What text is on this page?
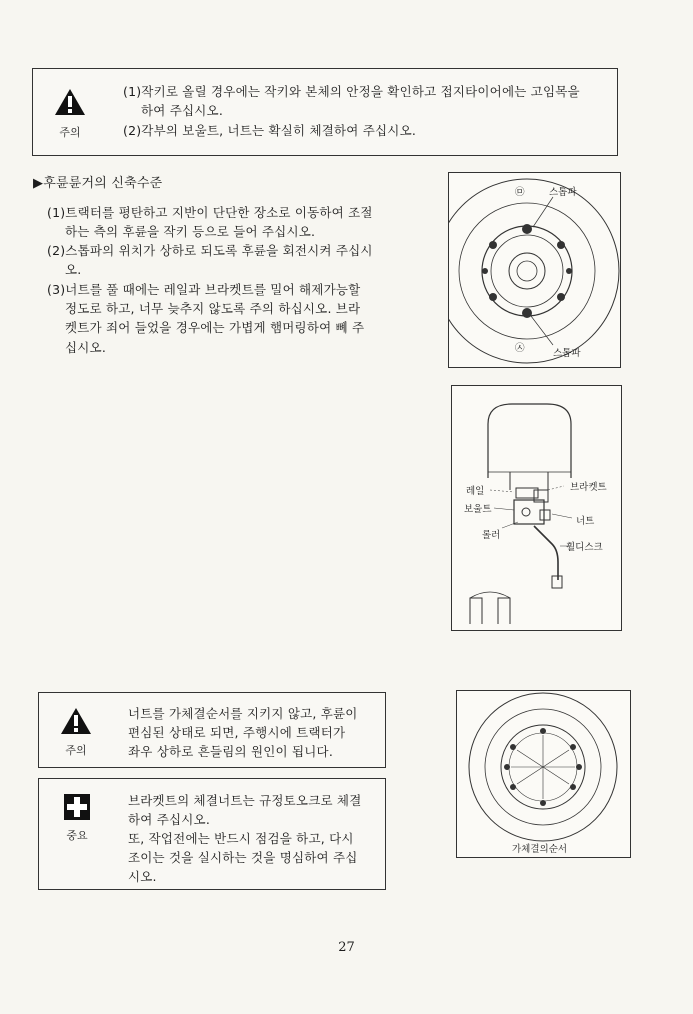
주의
(1)작키로 올릴 경우에는 작키와 본체의 안정을 확인하고 접지타이어에는 고임목을
하여 주십시오.
(2)각부의 보울트, 너트는 확실히 체결하여 주십시오.
▶후륜륜거의 신축수준
(1)트랙터를 평탄하고 지반이 단단한 장소로 이동하여 조절
하는 측의 후륜을 작키 등으로 들어 주십시오.
(2)스톱파의 위치가 상하로 되도록 후륜을 회전시켜 주십시
오.
(3)너트를 풀 때에는 레일과 브라켓트를 밀어 해제가능할
정도로 하고, 너무 늦추지 않도록 주의 하십시오. 브라
켓트가 죄어 들었을 경우에는 가볍게 햄머링하여 뼤 주
십시오.
㉤	스톱파
㉦	스톱파
레일	브라켓트
보울트
너트
롤러
휠디스크
주의
너트를 가체결순서를 지키지 않고, 후륜이
편심된 상태로 되면, 주행시에 트랙터가
좌우 상하로 흔들림의 원인이 됩니다.
중요
브라켓트의 체결너트는 규정토오크로 체결
하여 주십시오.
또, 작업전에는 반드시 점검을 하고, 다시
조이는 것을 실시하는 것을 명심하여 주십
시오.
가체결의순서
27
